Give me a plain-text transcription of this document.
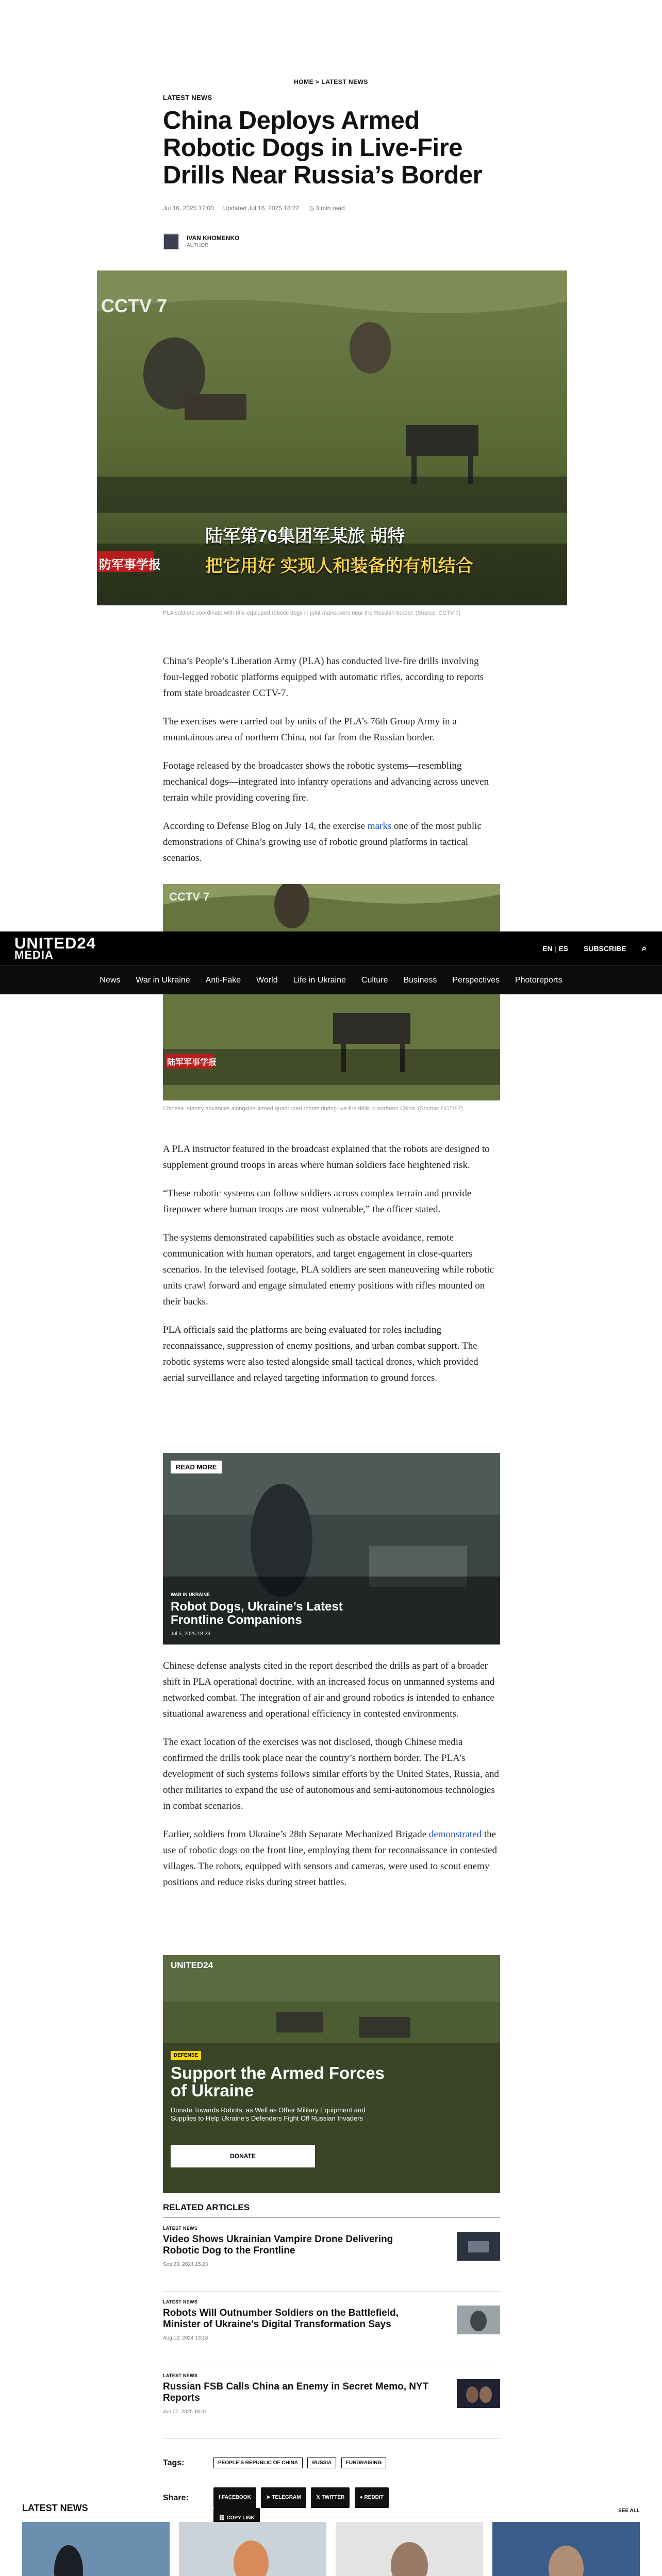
HOME > LATEST NEWS
LATEST NEWS
China Deploys Armed Robotic Dogs in Live-Fire Drills Near Russia’s Border
Jul 16, 2025 17:00 Updated Jul 16, 2025 18:22 ◷ 3 min read
IVAN KHOMENKO
AUTHOR
CCTV 7
陆军第76集团军某旅 胡特
把它用好 实现人和装备的有机结合
防军事学报
PLA soldiers coordinate with rifle-equipped robotic dogs in joint maneuvers near the Russian border. (Source: CCTV-7)

China’s People’s Liberation Army (PLA) has conducted live-fire drills involving four-legged robotic platforms equipped with automatic rifles, according to reports from state broadcaster CCTV-7.

The exercises were carried out by units of the PLA’s 76th Group Army in a mountainous area of northern China, not far from the Russian border.

Footage released by the broadcaster shows the robotic systems—resembling mechanical dogs—integrated into infantry operations and advancing across uneven terrain while providing covering fire.

According to Defense Blog on July 14, the exercise marks one of the most public demonstrations of China’s growing use of robotic ground platforms in tactical scenarios.

CCTV 7
陆军军事学报
Chinese infantry advances alongside armed quadruped robots during live-fire drills in northern China. (Source: CCTV-7)
UNITED24
MEDIA	EN | ES SUBSCRIBE ⌕
News War in Ukraine Anti-Fake World Life in Ukraine Culture Business Perspectives Photoreports

A PLA instructor featured in the broadcast explained that the robots are designed to supplement ground troops in areas where human soldiers face heightened risk.

“These robotic systems can follow soldiers across complex terrain and provide firepower where human troops are most vulnerable,” the officer stated.

The systems demonstrated capabilities such as obstacle avoidance, remote communication with human operators, and target engagement in close-quarters scenarios. In the televised footage, PLA soldiers are seen maneuvering while robotic units crawl forward and engage simulated enemy positions with rifles mounted on their backs.

PLA officials said the platforms are being evaluated for roles including reconnaissance, suppression of enemy positions, and urban combat support. The robotic systems were also tested alongside small tactical drones, which provided aerial surveillance and relayed targeting information to ground forces.

READ MORE
WAR IN UKRAINE
Robot Dogs, Ukraine’s Latest Frontline Companions
Jul 5, 2025 18:23

Chinese defense analysts cited in the report described the drills as part of a broader shift in PLA operational doctrine, with an increased focus on unmanned systems and networked combat. The integration of air and ground robotics is intended to enhance situational awareness and operational efficiency in contested environments.

The exact location of the exercises was not disclosed, though Chinese media confirmed the drills took place near the country’s northern border. The PLA’s development of such systems follows similar efforts by the United States, Russia, and other militaries to expand the use of autonomous and semi-autonomous technologies in combat scenarios.

Earlier, soldiers from Ukraine’s 28th Separate Mechanized Brigade demonstrated the use of robotic dogs on the front line, employing them for reconnaissance in contested villages. The robots, equipped with sensors and cameras, were used to scout enemy positions and reduce risks during street battles.

UNITED24
DEFENSE
Support the Armed Forces of Ukraine
Donate Towards Robots, as Well as Other Military Equipment and Supplies to Help Ukraine’s Defenders Fight Off Russian Invaders
DONATE
RELATED ARTICLES
LATEST NEWS
Video Shows Ukrainian Vampire Drone Delivering Robotic Dog to the Frontline
Sep 23, 2024 15:23
LATEST NEWS
Robots Will Outnumber Soldiers on the Battlefield, Minister of Ukraine’s Digital Transformation Says
Aug 12, 2024 13:18
LATEST NEWS
Russian FSB Calls China an Enemy in Secret Memo, NYT Reports
Jun 07, 2025 18:31
Tags:	PEOPLE’S REPUBLIC OF CHINA	RUSSIA	FUNDRAISING
Share:	f FACEBOOK	➤ TELEGRAM	𝕏 TWITTER	● REDDIT
⛓ COPY LINK
LATEST NEWS	SEE ALL
